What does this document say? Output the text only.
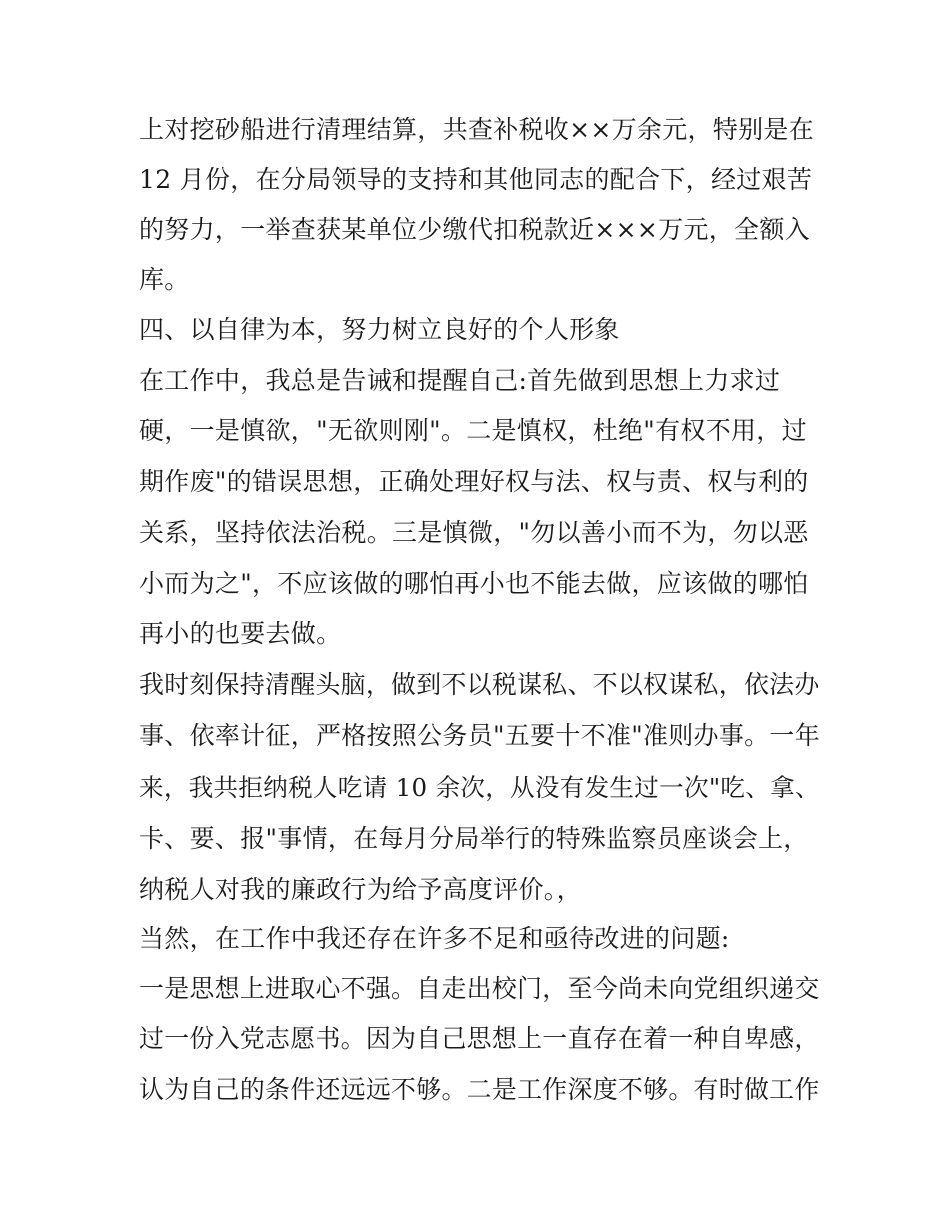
上对挖砂船进行清理结算，共查补税收××万余元，特别是在
12 月份，在分局领导的支持和其他同志的配合下，经过艰苦
的努力，一举查获某单位少缴代扣税款近×××万元，全额入
库。
四、以自律为本，努力树立良好的个人形象
在工作中，我总是告诫和提醒自己:首先做到思想上力求过
硬，一是慎欲，"无欲则刚"。二是慎权，杜绝"有权不用，过
期作废"的错误思想，正确处理好权与法、权与责、权与利的
关系，坚持依法治税。三是慎微，"勿以善小而不为，勿以恶
小而为之"，不应该做的哪怕再小也不能去做，应该做的哪怕
再小的也要去做。
我时刻保持清醒头脑，做到不以税谋私、不以权谋私，依法办
事、依率计征，严格按照公务员"五要十不准"准则办事。一年
来，我共拒纳税人吃请 10 余次，从没有发生过一次"吃、拿、
卡、要、报"事情，在每月分局举行的特殊监察员座谈会上，
纳税人对我的廉政行为给予高度评价。，
当然，在工作中我还存在许多不足和亟待改进的问题:
一是思想上进取心不强。自走出校门，至今尚未向党组织递交
过一份入党志愿书。因为自己思想上一直存在着一种自卑感，
认为自己的条件还远远不够。二是工作深度不够。有时做工作
